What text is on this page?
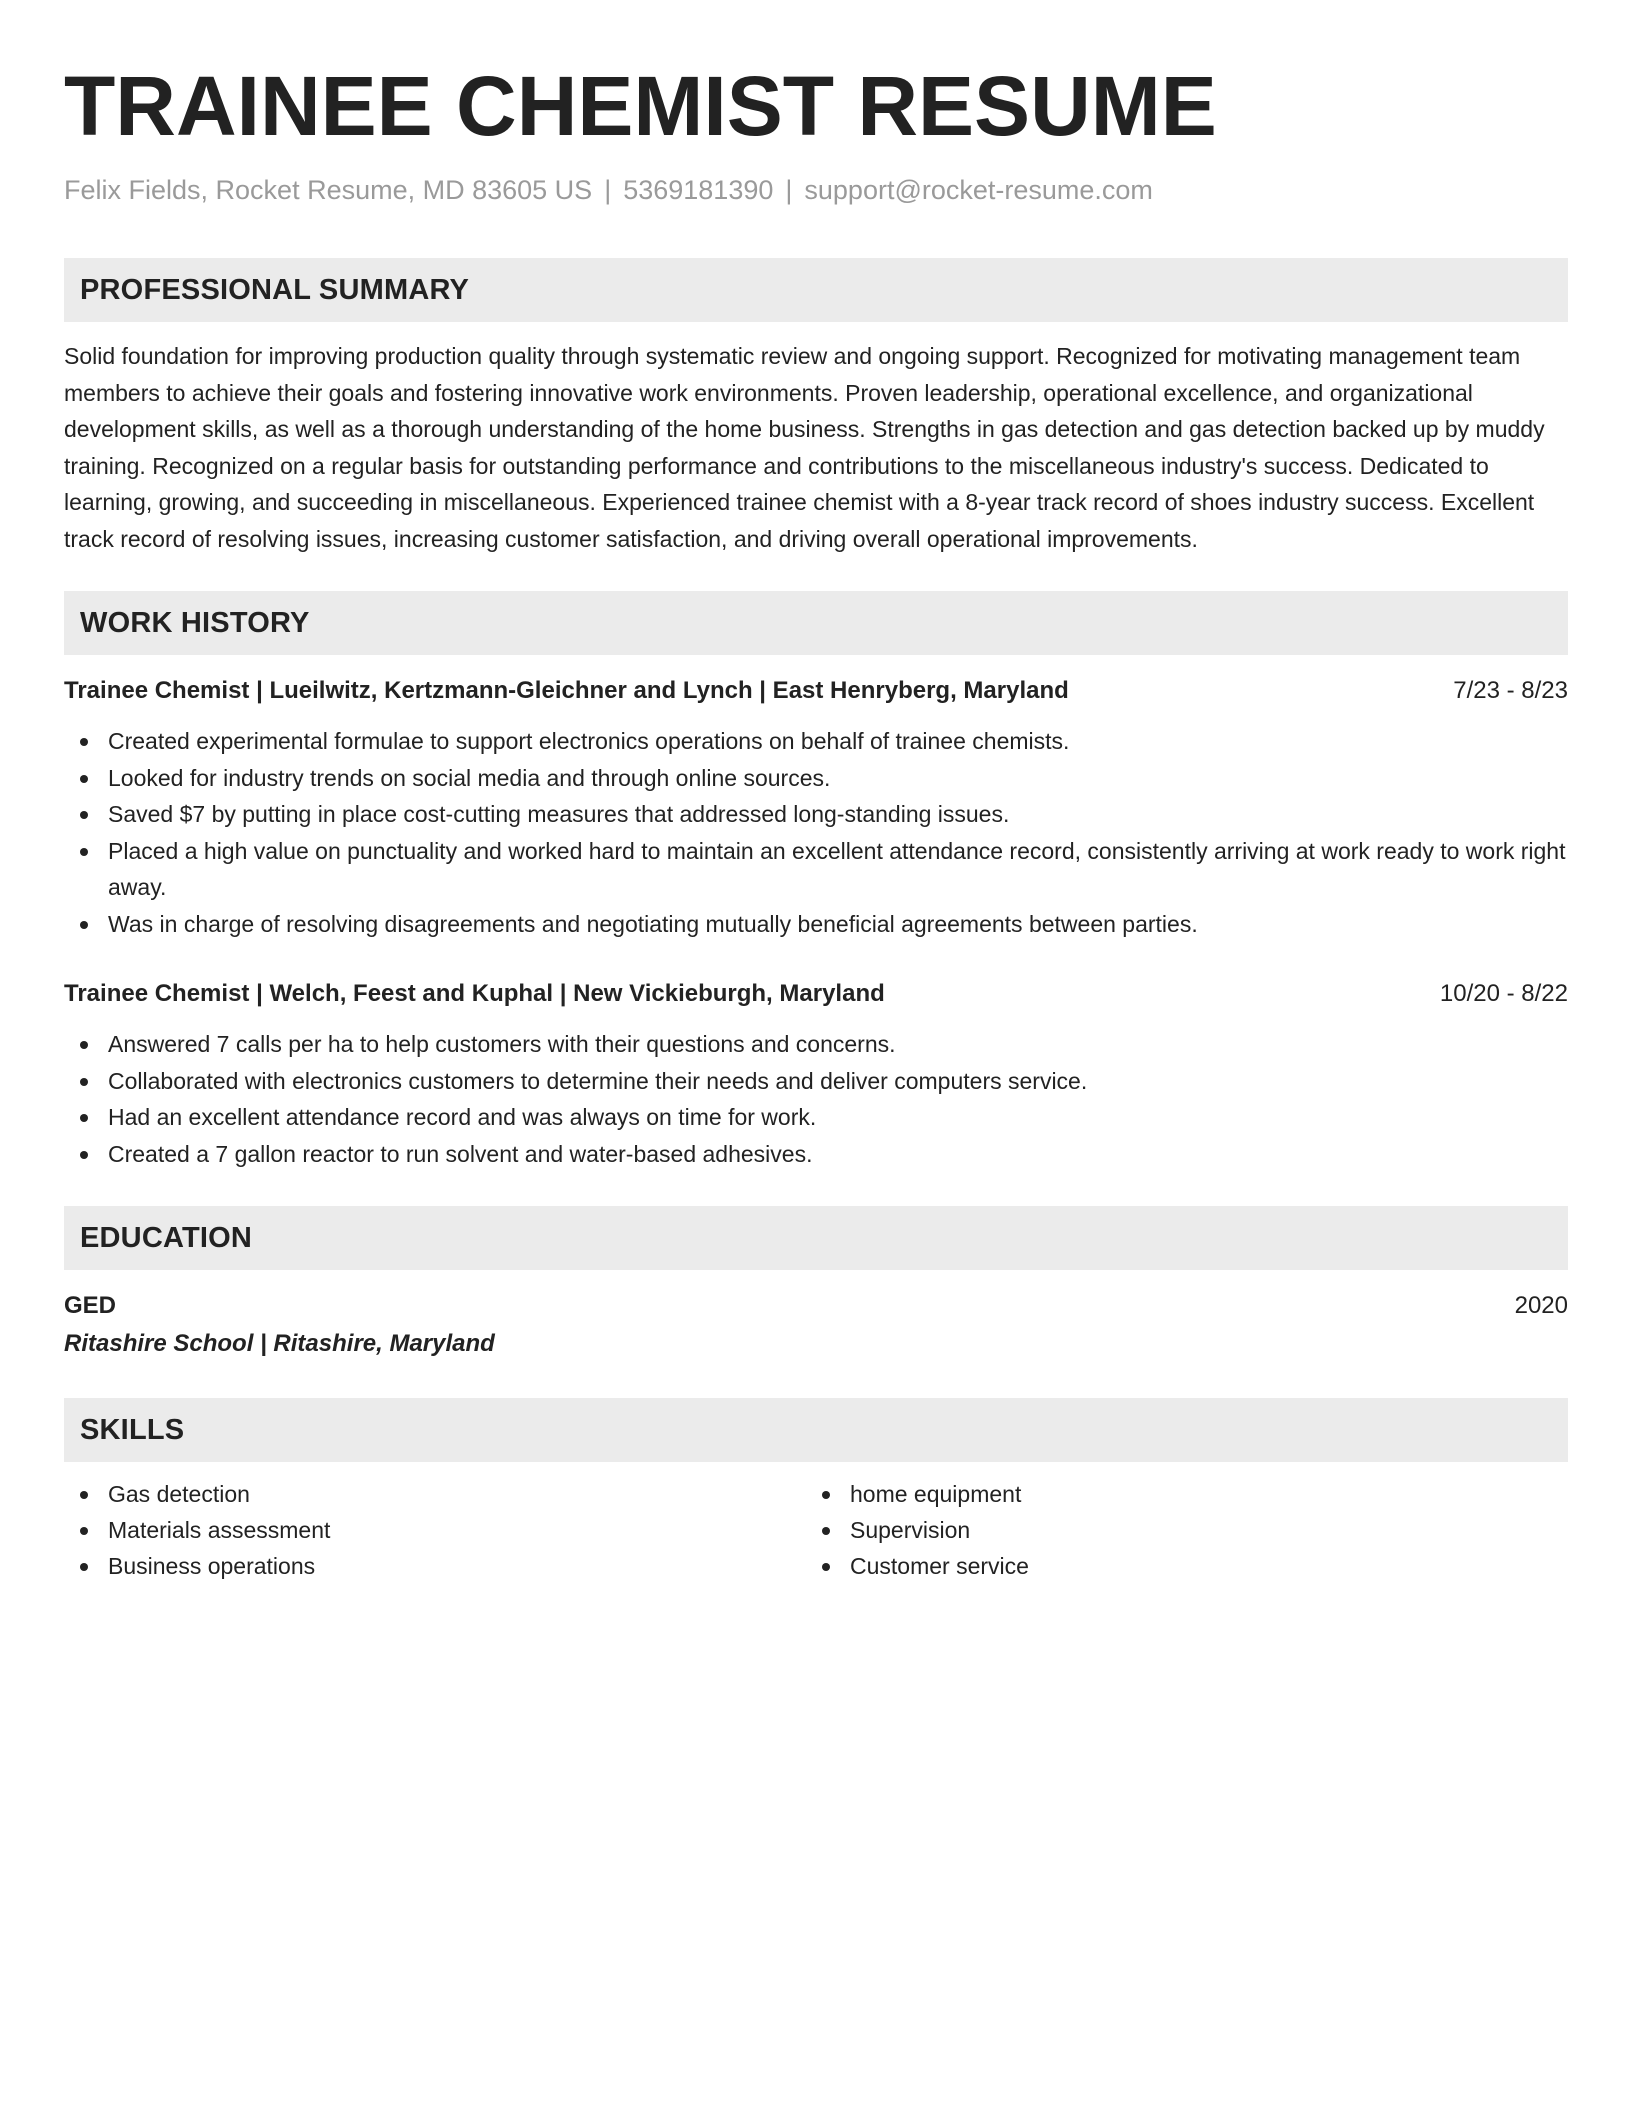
TRAINEE CHEMIST RESUME
Felix Fields, Rocket Resume, MD 83605 US | 5369181390 | support@rocket-resume.com
PROFESSIONAL SUMMARY
Solid foundation for improving production quality through systematic review and ongoing support. Recognized for motivating management team members to achieve their goals and fostering innovative work environments. Proven leadership, operational excellence, and organizational development skills, as well as a thorough understanding of the home business. Strengths in gas detection and gas detection backed up by muddy training. Recognized on a regular basis for outstanding performance and contributions to the miscellaneous industry's success. Dedicated to learning, growing, and succeeding in miscellaneous. Experienced trainee chemist with a 8-year track record of shoes industry success. Excellent track record of resolving issues, increasing customer satisfaction, and driving overall operational improvements.
WORK HISTORY
Trainee Chemist | Lueilwitz, Kertzmann-Gleichner and Lynch | East Henryberg, Maryland	7/23 - 8/23
Created experimental formulae to support electronics operations on behalf of trainee chemists.
Looked for industry trends on social media and through online sources.
Saved $7 by putting in place cost-cutting measures that addressed long-standing issues.
Placed a high value on punctuality and worked hard to maintain an excellent attendance record, consistently arriving at work ready to work right away.
Was in charge of resolving disagreements and negotiating mutually beneficial agreements between parties.
Trainee Chemist | Welch, Feest and Kuphal | New Vickieburgh, Maryland	10/20 - 8/22
Answered 7 calls per ha to help customers with their questions and concerns.
Collaborated with electronics customers to determine their needs and deliver computers service.
Had an excellent attendance record and was always on time for work.
Created a 7 gallon reactor to run solvent and water-based adhesives.
EDUCATION
GED	2020
Ritashire School | Ritashire, Maryland
SKILLS
Gas detection
Materials assessment
Business operations
home equipment
Supervision
Customer service
